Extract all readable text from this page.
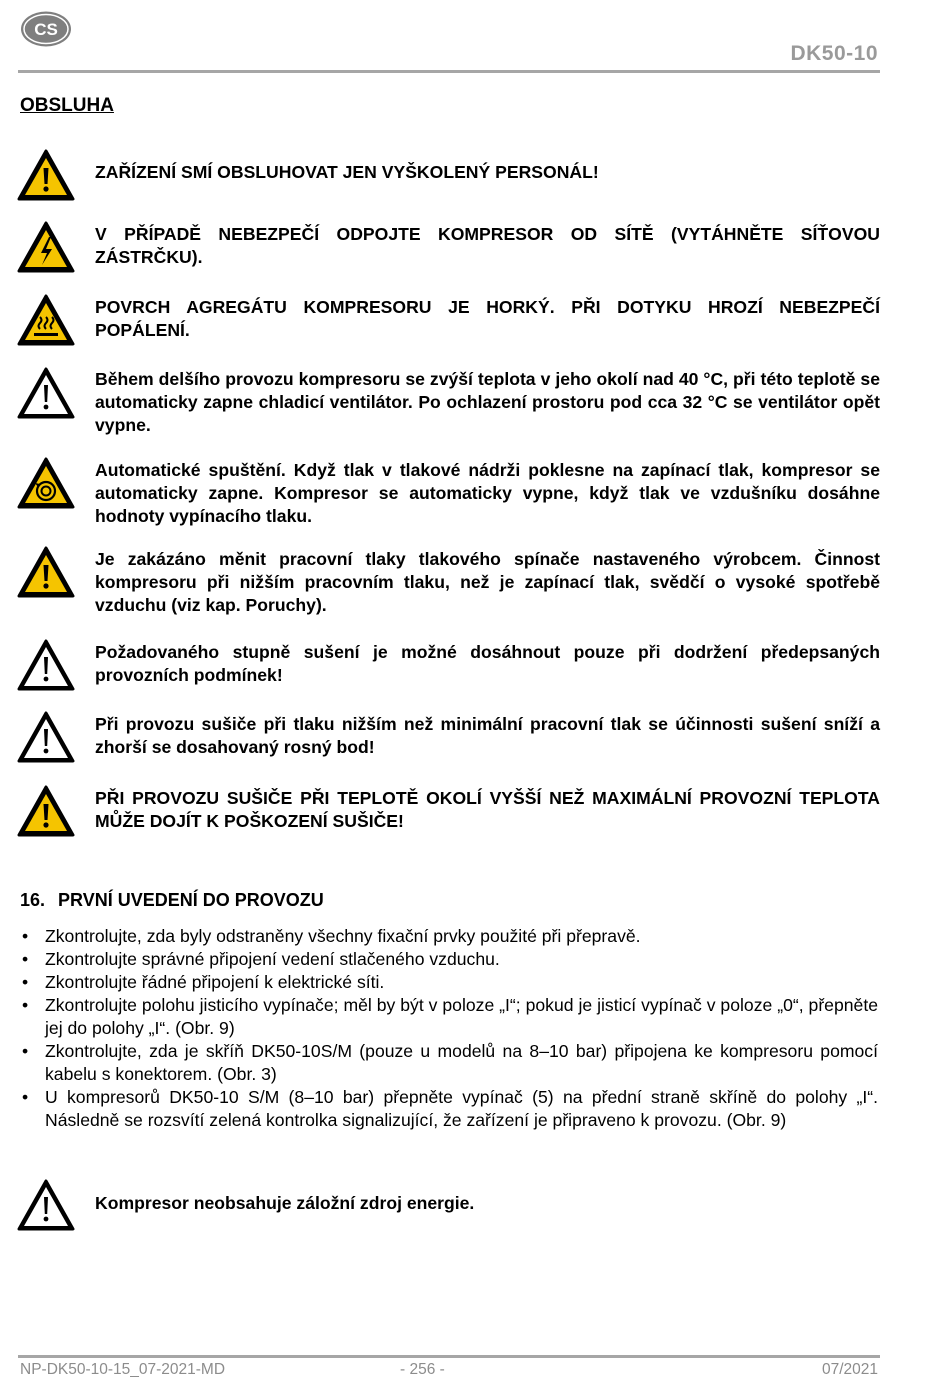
CS
DK50-10
OBSLUHA
ZAŘÍZENÍ SMÍ OBSLUHOVAT JEN VYŠKOLENÝ PERSONÁL!
V PŘÍPADĚ NEBEZPEČÍ ODPOJTE KOMPRESOR OD SÍTĚ (VYTÁHNĚTE SÍŤOVOU ZÁSTRČKU).
POVRCH AGREGÁTU KOMPRESORU JE HORKÝ. PŘI DOTYKU HROZÍ NEBEZPEČÍ POPÁLENÍ.
Během delšího provozu kompresoru se zvýší teplota v jeho okolí nad 40 °C, při této teplotě se automaticky zapne chladicí ventilátor. Po ochlazení prostoru pod cca 32 °C se ventilátor opět vypne.
Automatické spuštění. Když tlak v tlakové nádrži poklesne na zapínací tlak, kompresor se automaticky zapne. Kompresor se automaticky vypne, když tlak ve vzdušníku dosáhne hodnoty vypínacího tlaku.
Je zakázáno měnit pracovní tlaky tlakového spínače nastaveného výrobcem. Činnost kompresoru při nižším pracovním tlaku, než je zapínací tlak, svědčí o vysoké spotřebě vzduchu (viz kap. Poruchy).
Požadovaného stupně sušení je možné dosáhnout pouze při dodržení předepsaných provozních podmínek!
Při provozu sušiče při tlaku nižším než minimální pracovní tlak se účinnosti sušení sníží a zhorší se dosahovaný rosný bod!
PŘI PROVOZU SUŠIČE PŘI TEPLOTĚ OKOLÍ VYŠŠÍ NEŽ MAXIMÁLNÍ PROVOZNÍ TEPLOTA MŮŽE DOJÍT K POŠKOZENÍ SUŠIČE!
16. PRVNÍ UVEDENÍ DO PROVOZU
• Zkontrolujte, zda byly odstraněny všechny fixační prvky použité při přepravě.
• Zkontrolujte správné připojení vedení stlačeného vzduchu.
• Zkontrolujte řádné připojení k elektrické síti.
• Zkontrolujte polohu jisticího vypínače; měl by být v poloze „I“; pokud je jisticí vypínač v poloze „0“, přepněte jej do polohy „I“. (Obr. 9)
• Zkontrolujte, zda je skříň DK50-10S/M (pouze u modelů na 8–10 bar) připojena ke kompresoru pomocí kabelu s konektorem. (Obr. 3)
• U kompresorů DK50-10 S/M (8–10 bar) přepněte vypínač (5) na přední straně skříně do polohy „I“. Následně se rozsvítí zelená kontrolka signalizující, že zařízení je připraveno k provozu. (Obr. 9)
Kompresor neobsahuje záložní zdroj energie.
NP-DK50-10-15_07-2021-MD	- 256 -	07/2021
